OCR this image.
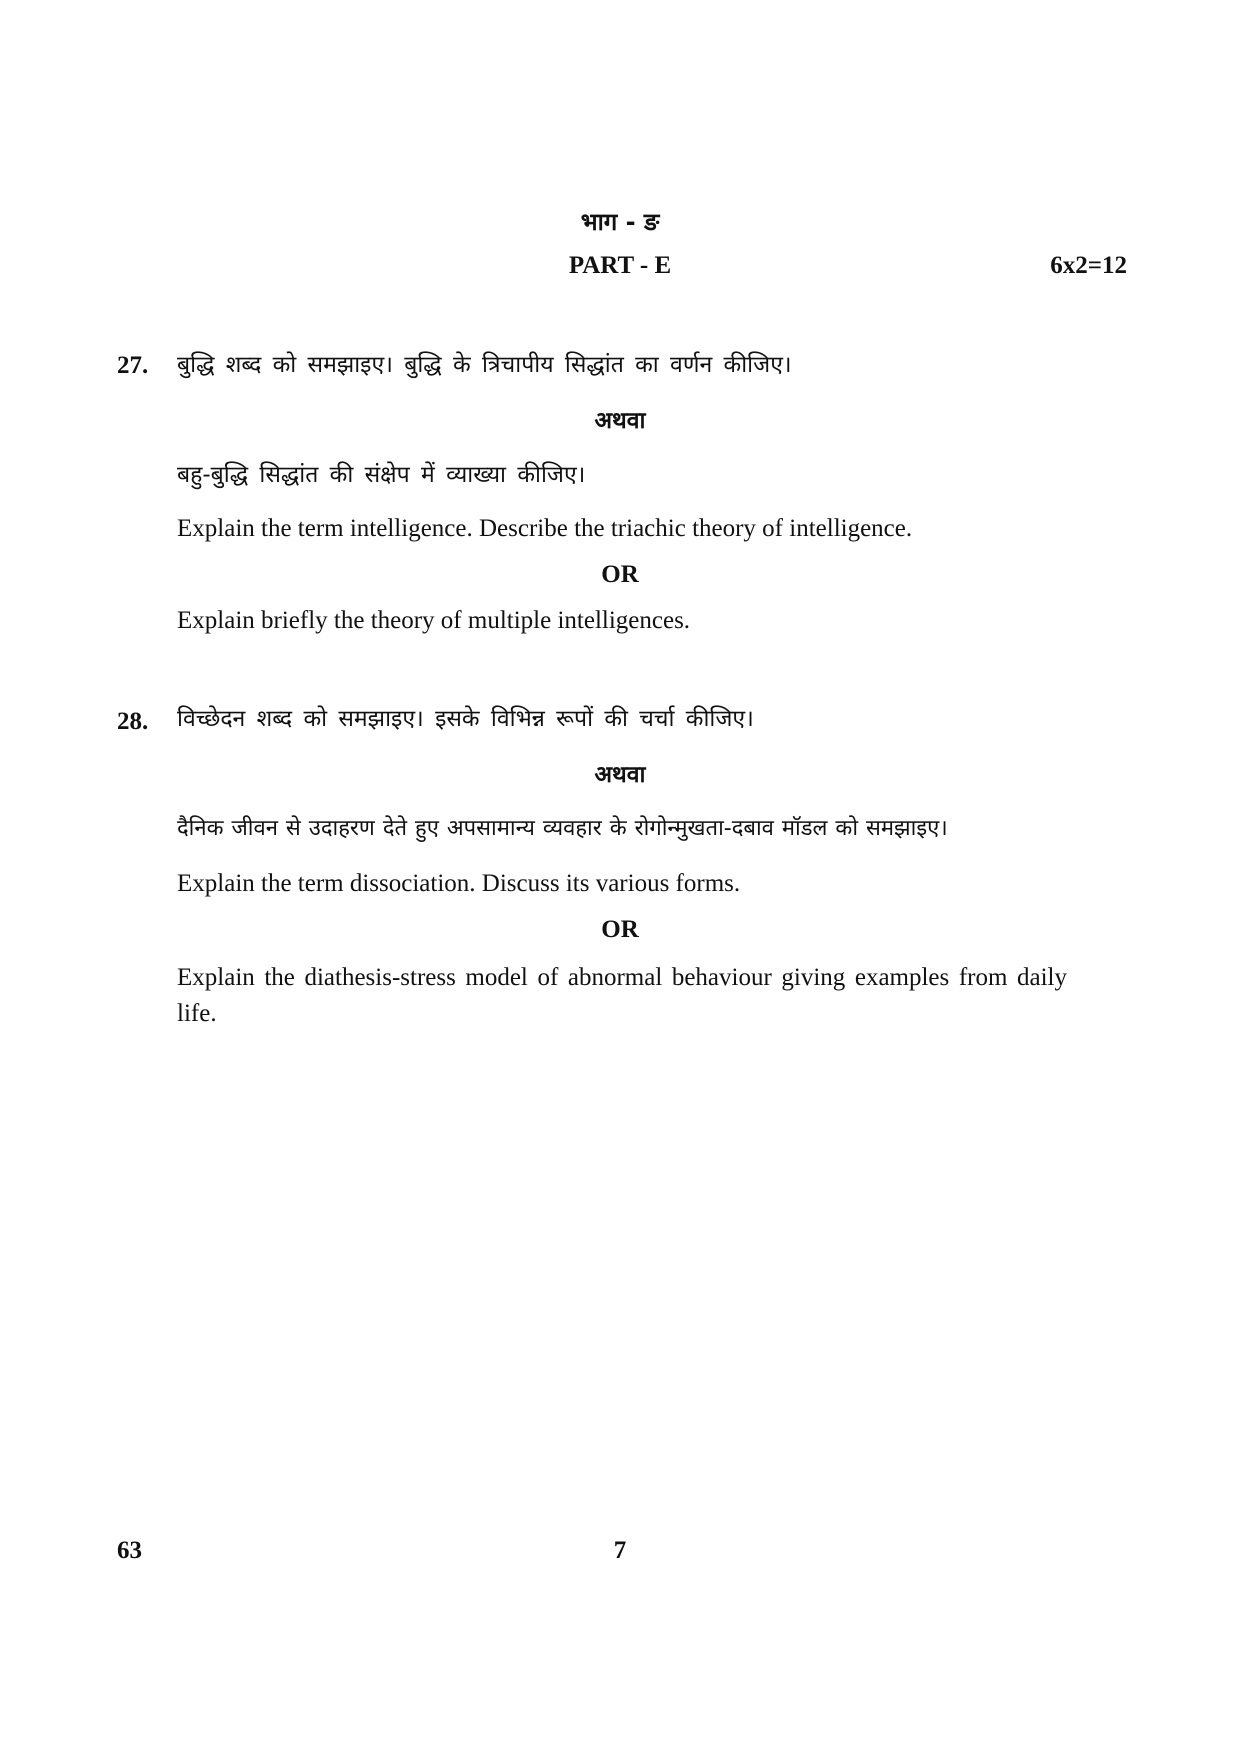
भाग - ङ
PART - E	6x2=12
27. बुद्धि शब्द को समझाइए। बुद्धि के त्रिचापीय सिद्धांत का वर्णन कीजिए।
अथवा
बहु-बुद्धि सिद्धांत की संक्षेप में व्याख्या कीजिए।
Explain the term intelligence. Describe the triachic theory of intelligence.
OR
Explain briefly the theory of multiple intelligences.
28. विच्छेदन शब्द को समझाइए। इसके विभिन्न रूपों की चर्चा कीजिए।
अथवा
दैनिक जीवन से उदाहरण देते हुए अपसामान्य व्यवहार के रोगोन्मुखता-दबाव मॉडल को समझाइए।
Explain the term dissociation. Discuss its various forms.
OR
Explain the diathesis-stress model of abnormal behaviour giving examples from daily life.
63	7
